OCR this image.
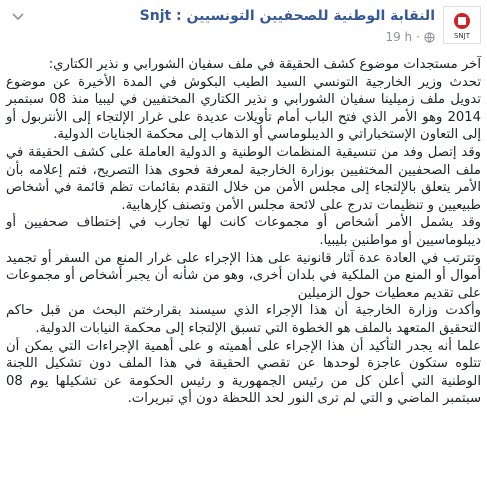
SNJT
النقابة الوطنية للصحفيين التونسيين : Snjt
19 h ·

آخر مستجدات موضوع كشف الحقيقة في ملف سفيان الشورابي و نذير الكتاري:

تحدث وزير الخارجية التونسي السيد الطيب البكوش في المدة الأخيرة عن موضوع تدويل ملف زميلينا سفيان الشورابي و نذير الكتاري المختفيين في ليبيا منذ 08 سبتمبر 2014 وهو الأمر الذي فتح الباب أمام تأويلات عديدة على غرار الإلتجاء إلى الأنتربول أو إلى التعاون الإستخباراتي و الديبلوماسي أو الذهاب إلى محكمة الجنايات الدولية.

وقد إتصل وفد من تنسيقية المنظمات الوطنية و الدولية العاملة على كشف الحقيقة في ملف الصحفيين المختفيين بوزارة الخارجية لمعرفة فحوى هذا التصريح، فتم إعلامه بأن الأمر يتعلق بالإلتجاء إلى مجلس الأمن من خلال التقدم بقائمات تظم قائمة في أشخاص طبيعيين و تنظيمات تدرج على لائحة مجلس الأمن وتصنف كإرهابية.

وقد يشمل الأمر أشخاص أو مجموعات كانت لها تجارب في إختطاف صحفيين أو ديبلوماسيين أو مواطنين بليبيا.

وتترتب في العادة عدة آثار قانونية على هذا الإجراء على غرار المنع من السفر أو تجميد أموال أو المنع من الملكية في بلدان أخرى، وهو من شأنه أن يجبر أشخاص أو مجموعات على تقديم معطيات حول الزميلين

وأكدت وزارة الخارجية أن هذا الإجراء الذي سيسند بقرارختم البحث من قبل حاكم التحقيق المتعهد بالملف هو الخطوة التي تسبق الإلتجاء إلى محكمة النيابات الدولية.

علما أنه يجدر التأكيد أن هذا الإجراء على أهميته و على أهمية الإجراءات التي يمكن أن تتلوه ستكون عاجزة لوحدها عن تقصي الحقيقة في هذا الملف دون تشكيل اللجنة الوطنية التي أعلن كل من رئيس الجمهورية و رئيس الحكومة عن تشكيلها يوم 08 سبتمبر الماضي و التي لم ترى النور لحد اللحظة دون أي تبريرات.
